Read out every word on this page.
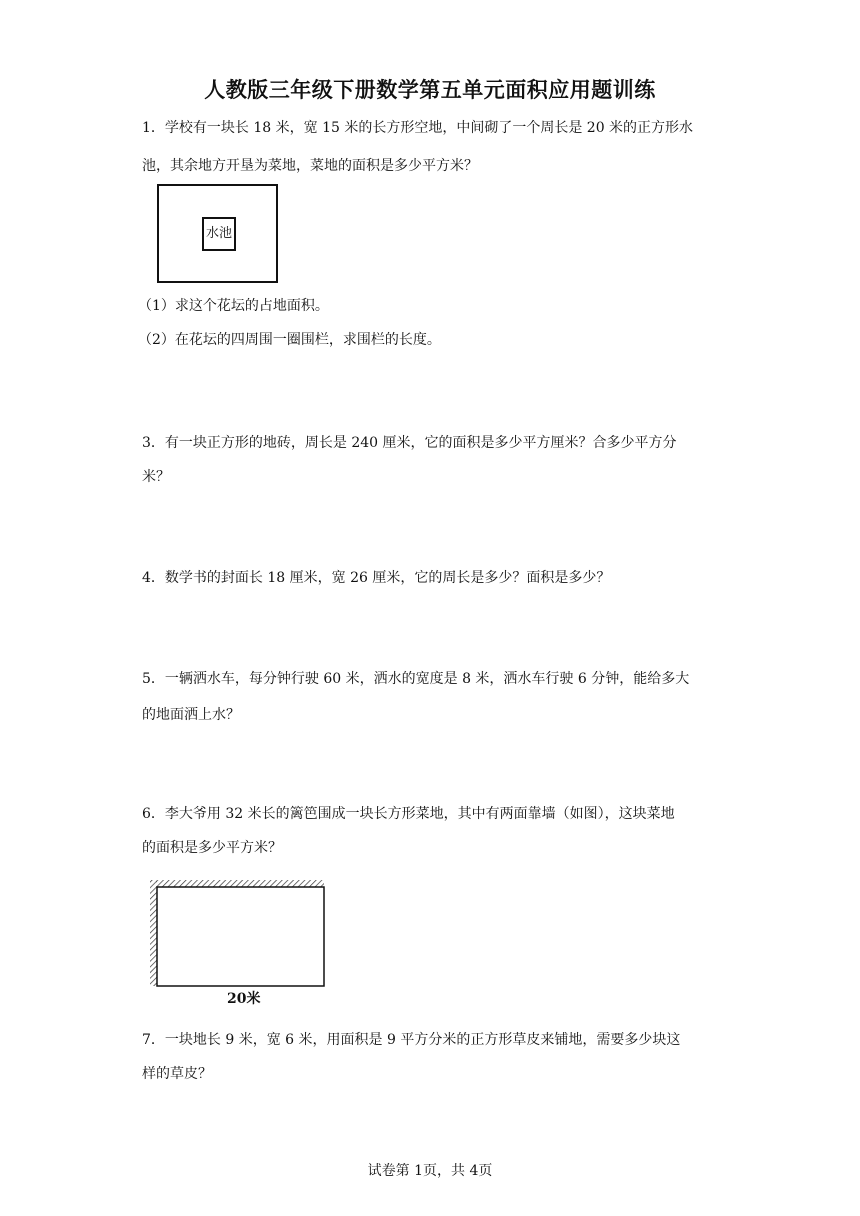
人教版三年级下册数学第五单元面积应用题训练
1．学校有一块长 18 米，宽 15 米的长方形空地，中间砌了一个周长是 20 米的正方形水
池，其余地方开垦为菜地，菜地的面积是多少平方米？
水池
（1）求这个花坛的占地面积。
（2）在花坛的四周围一圈围栏，求围栏的长度。
3．有一块正方形的地砖，周长是 240 厘米，它的面积是多少平方厘米？合多少平方分
米？
4．数学书的封面长 18 厘米，宽 26 厘米，它的周长是多少？面积是多少？
5．一辆洒水车，每分钟行驶 60 米，洒水的宽度是 8 米，洒水车行驶 6 分钟，能给多大
的地面洒上水？
6．李大爷用 32 米长的篱笆围成一块长方形菜地，其中有两面靠墙（如图），这块菜地
的面积是多少平方米？
20米
7．一块地长 9 米，宽 6 米，用面积是 9 平方分米的正方形草皮来铺地，需要多少块这
样的草皮？
试卷第 1页，共 4页
